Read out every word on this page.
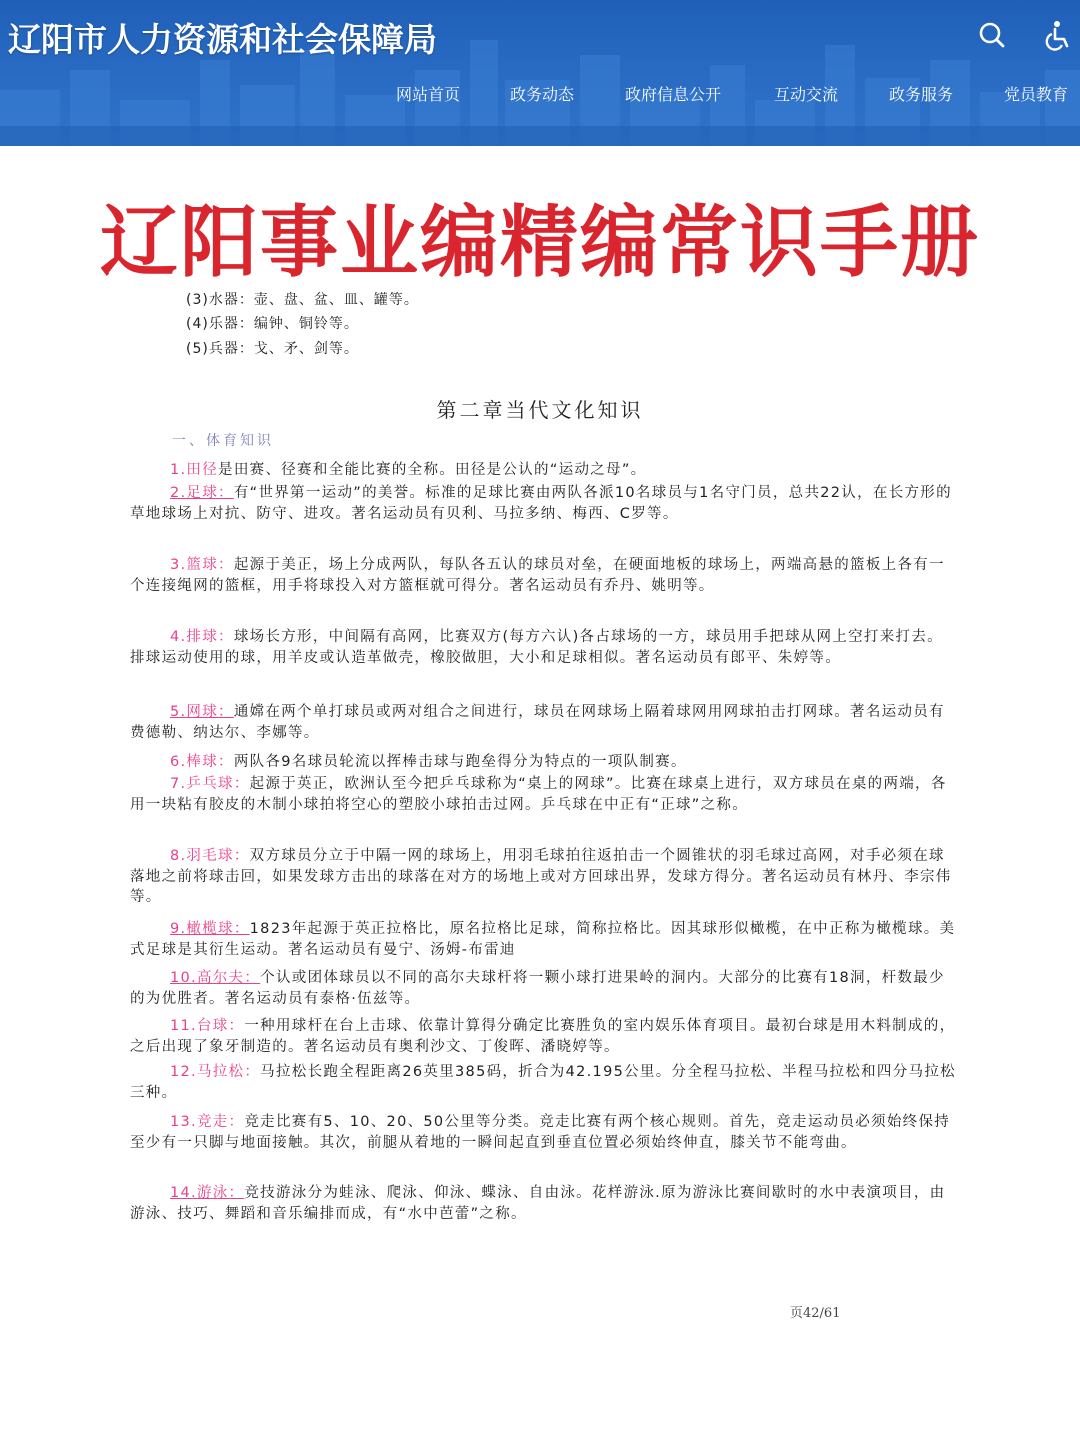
辽阳市人力资源和社会保障局
网站首页	政务动态	政府信息公开	互动交流	政务服务	党员教育
辽阳事业编精编常识手册
(3)水器：壶、盘、盆、皿、罐等。
(4)乐器：编钟、铜铃等。
(5)兵器：戈、矛、剑等。
第二章当代文化知识
一、体育知识
1.田径是田赛、径赛和全能比赛的全称。田径是公认的“运动之母”。
2.足球：有“世界第一运动”的美誉。标准的足球比赛由两队各派10名球员与1名守门员，总共22认，在长方形的草地球场上对抗、防守、进攻。著名运动员有贝利、马拉多纳、梅西、C罗等。
3.篮球：起源于美正，场上分成两队，每队各五认的球员对垒，在硬面地板的球场上，两端高悬的篮板上各有一个连接绳网的篮框，用手将球投入对方篮框就可得分。著名运动员有乔丹、姚明等。
4.排球：球场长方形，中间隔有高网，比赛双方(每方六认)各占球场的一方，球员用手把球从网上空打来打去。排球运动使用的球，用羊皮或认造革做壳，橡胶做胆，大小和足球相似。著名运动员有郎平、朱婷等。
5.网球：通嫦在两个单打球员或两对组合之间进行，球员在网球场上隔着球网用网球拍击打网球。著名运动员有费德勒、纳达尔、李娜等。
6.棒球：两队各9名球员轮流以挥棒击球与跑垒得分为特点的一项队制赛。
7.乒乓球：起源于英正，欧洲认至今把乒乓球称为“桌上的网球”。比赛在球桌上进行，双方球员在桌的两端，各用一块粘有胶皮的木制小球拍将空心的塑胶小球拍击过网。乒乓球在中正有“正球”之称。
8.羽毛球：双方球员分立于中隔一网的球场上，用羽毛球拍往返拍击一个圆锥状的羽毛球过高网，对手必须在球落地之前将球击回，如果发球方击出的球落在对方的场地上或对方回球出界，发球方得分。著名运动员有林丹、李宗伟等。
9.橄榄球：1823年起源于英正拉格比，原名拉格比足球，简称拉格比。因其球形似橄榄，在中正称为橄榄球。美式足球是其衍生运动。著名运动员有曼宁、汤姆-布雷迪
10.高尔夫：个认或团体球员以不同的高尔夫球杆将一颗小球打进果岭的洞内。大部分的比赛有18洞，杆数最少的为优胜者。著名运动员有泰格·伍兹等。
11.台球：一种用球杆在台上击球、依靠计算得分确定比赛胜负的室内娱乐体育项目。最初台球是用木料制成的，之后出现了象牙制造的。著名运动员有奥利沙文、丁俊晖、潘晓婷等。
12.马拉松：马拉松长跑全程距离26英里385码，折合为42.195公里。分全程马拉松、半程马拉松和四分马拉松三种。
13.竞走：竞走比赛有5、10、20、50公里等分类。竞走比赛有两个核心规则。首先，竞走运动员必须始终保持至少有一只脚与地面接触。其次，前腿从着地的一瞬间起直到垂直位置必须始终伸直，膝关节不能弯曲。
14.游泳：竞技游泳分为蛙泳、爬泳、仰泳、蝶泳、自由泳。花样游泳.原为游泳比赛间歇时的水中表演项目，由游泳、技巧、舞蹈和音乐编排而成，有“水中芭蕾”之称。
页42/61
